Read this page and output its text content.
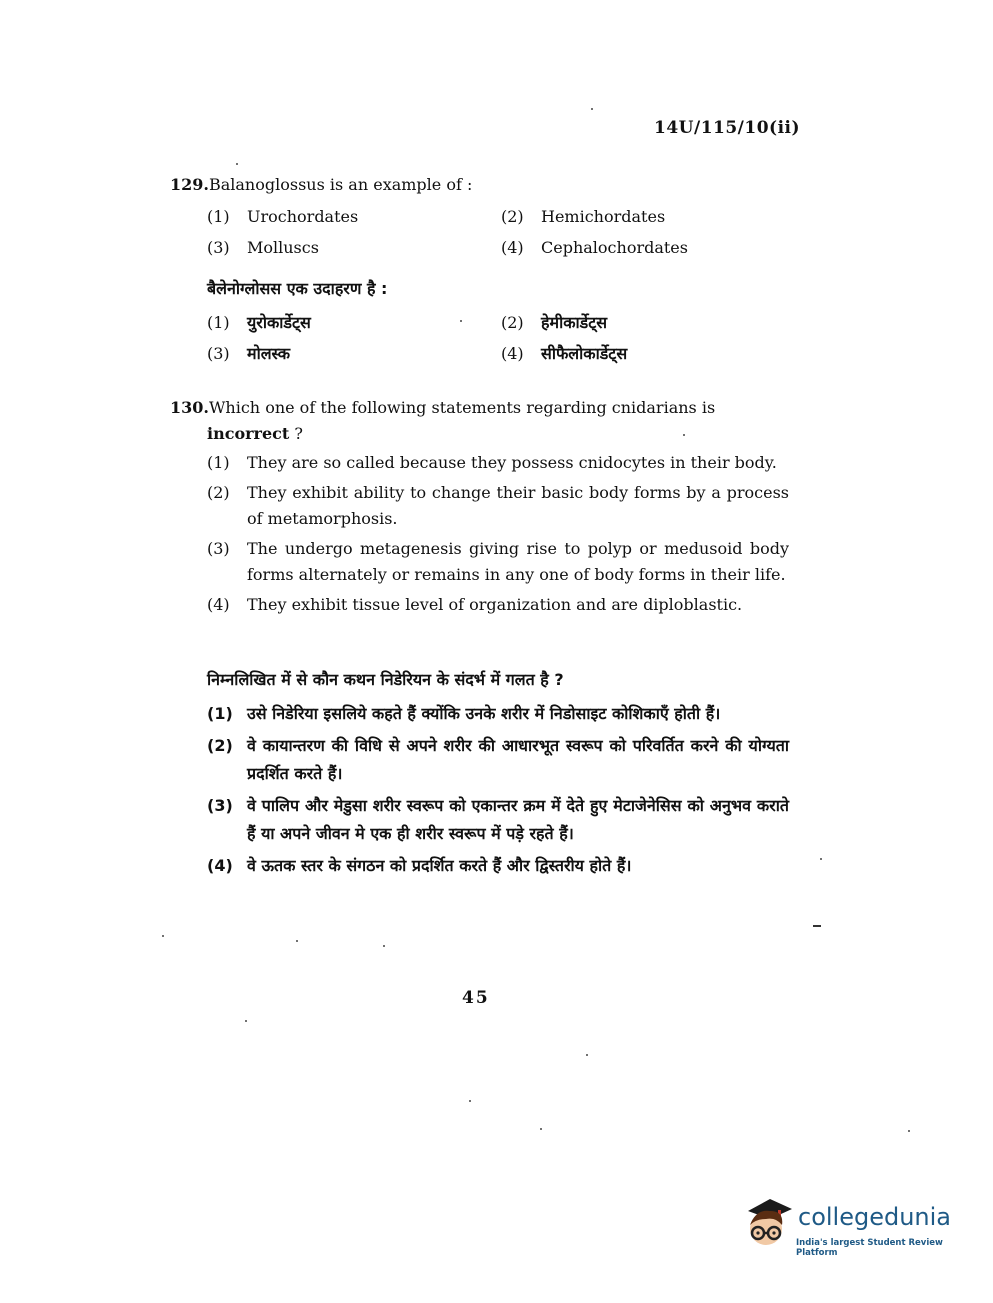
14U/115/10(ii)
129.Balanoglossus is an example of :
(1) Urochordates	(2) Hemichordates
(3) Molluscs	(4) Cephalochordates
बैलेनोग्लोसस एक उदाहरण है :
(1) युरोकार्डेट्स	(2) हेमीकार्डेट्स
(3) मोलस्क	(4) सीफैलोकार्डेट्स
130.Which one of the following statements regarding cnidarians is
incorrect ?
(1)	They are so called because they possess cnidocytes in their body.
(2)	They exhibit ability to change their basic body forms by a process of metamorphosis.
(3)	The undergo metagenesis giving rise to polyp or medusoid body forms alternately or remains in any one of body forms in their life.
(4)	They exhibit tissue level of organization and are diploblastic.
निम्नलिखित में से कौन कथन निडेरियन के संदर्भ में गलत है ?
(1) उसे निडेरिया इसलिये कहते हैं क्योंकि उनके शरीर में निडोसाइट कोशिकाएँ होती हैं।
(2) वे कायान्तरण की विधि से अपने शरीर की आधारभूत स्वरूप को परिवर्तित करने की योग्यता प्रदर्शित करते हैं।
(3) वे पालिप और मेडुसा शरीर स्वरूप को एकान्तर क्रम में देते हुए मेटाजेनेसिस को अनुभव कराते हैं या अपने जीवन मे एक ही शरीर स्वरूप में पड़े रहते हैं।
(4) वे ऊतक स्तर के संगठन को प्रदर्शित करते हैं और द्विस्तरीय होते हैं।
45
collegedunia
India's largest Student Review Platform
